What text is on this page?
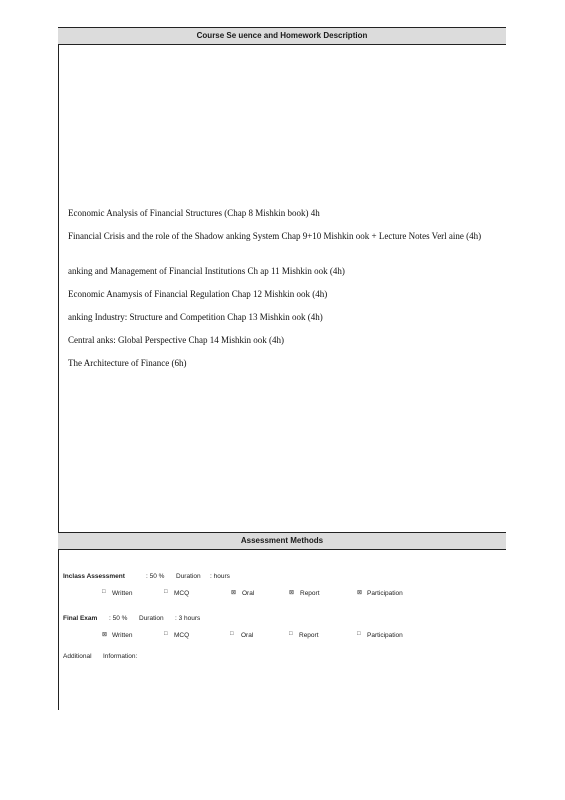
Course Se uence and Homework Description
Economic Analysis of Financial Structures (Chap 8 Mishkin book) 4h
Financial Crisis and the role of the Shadow anking System Chap 9+10 Mishkin ook + Lecture Notes Verl aine (4h)
anking and Management of Financial Institutions Ch ap 11 Mishkin ook (4h)
Economic Anamysis of Financial Regulation Chap 12 Mishkin ook (4h)
anking Industry: Structure and Competition Chap 13 Mishkin ook (4h)
Central anks: Global Perspective Chap 14 Mishkin ook (4h)
The Architecture of Finance (6h)
Assessment Methods
Inclass Assessment	: 50 % Duration : hours
□ Written	□ MCQ	⊠ Oral	⊠ Report	⊠ Participation
Final Exam : 50 % Duration : 3 hours
⊠ Written	□ MCQ	□ Oral	□ Report	□ Participation
Additional Information:
